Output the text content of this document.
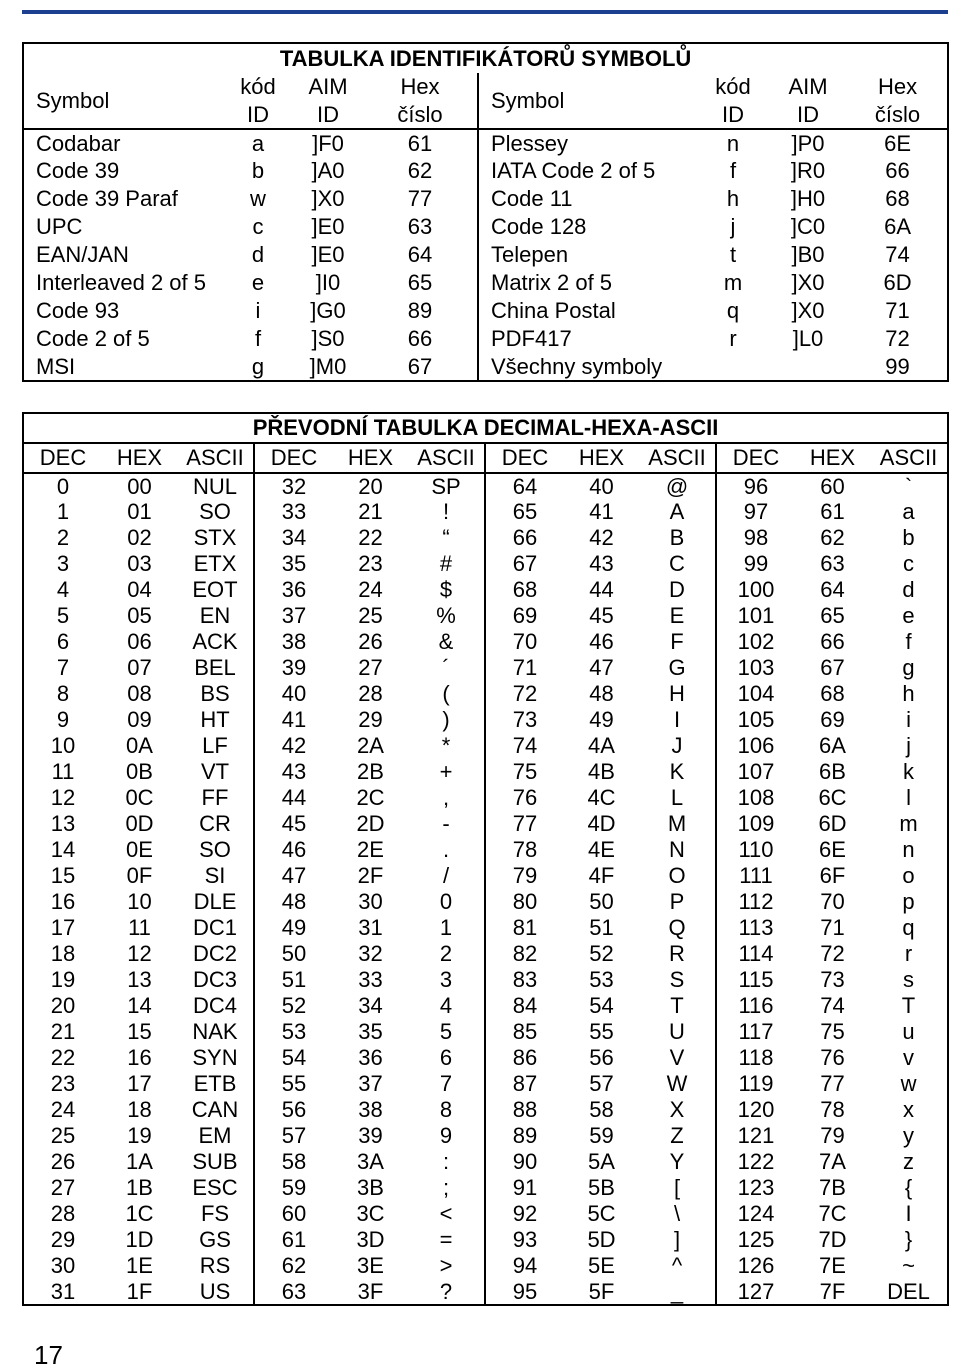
TABULKA IDENTIFIKÁTORŮ SYMBOLŮ							
Symbol	kód	AIM	Hex	Symbol	kód	AIM	Hex
	ID	ID	číslo		ID	ID	číslo
Codabar	a	]F0	61	Plessey	n	]P0	6E
Code 39	b	]A0	62	IATA Code 2 of 5	f	]R0	66
Code 39 Paraf	w	]X0	77	Code 11	h	]H0	68
UPC	c	]E0	63	Code 128	j	]C0	6A
EAN/JAN	d	]E0	64	Telepen	t	]B0	74
Interleaved 2 of 5	e	]I0	65	Matrix 2 of 5	m	]X0	6D
Code 93	i	]G0	89	China Postal	q	]X0	71
Code 2 of 5	f	]S0	66	PDF417	r	]L0	72
MSI	g	]M0	67	Všechny symboly			99
PŘEVODNÍ TABULKA DECIMAL-HEXA-ASCII											
DEC	HEX	ASCII	DEC	HEX	ASCII	DEC	HEX	ASCII	DEC	HEX	ASCII
0	00	NUL	32	20	SP	64	40	@	96	60	`
1	01	SO	33	21	!	65	41	A	97	61	a
2	02	STX	34	22	“	66	42	B	98	62	b
3	03	ETX	35	23	#	67	43	C	99	63	c
4	04	EOT	36	24	$	68	44	D	100	64	d
5	05	EN	37	25	%	69	45	E	101	65	e
6	06	ACK	38	26	&	70	46	F	102	66	f
7	07	BEL	39	27	´	71	47	G	103	67	g
8	08	BS	40	28	(	72	48	H	104	68	h
9	09	HT	41	29	)	73	49	I	105	69	i
10	0A	LF	42	2A	*	74	4A	J	106	6A	j
11	0B	VT	43	2B	+	75	4B	K	107	6B	k
12	0C	FF	44	2C	,	76	4C	L	108	6C	l
13	0D	CR	45	2D	-	77	4D	M	109	6D	m
14	0E	SO	46	2E	.	78	4E	N	110	6E	n
15	0F	SI	47	2F	/	79	4F	O	111	6F	o
16	10	DLE	48	30	0	80	50	P	112	70	p
17	11	DC1	49	31	1	81	51	Q	113	71	q
18	12	DC2	50	32	2	82	52	R	114	72	r
19	13	DC3	51	33	3	83	53	S	115	73	s
20	14	DC4	52	34	4	84	54	T	116	74	T
21	15	NAK	53	35	5	85	55	U	117	75	u
22	16	SYN	54	36	6	86	56	V	118	76	v
23	17	ETB	55	37	7	87	57	W	119	77	w
24	18	CAN	56	38	8	88	58	X	120	78	x
25	19	EM	57	39	9	89	59	Z	121	79	y
26	1A	SUB	58	3A	:	90	5A	Y	122	7A	z
27	1B	ESC	59	3B	;	91	5B	[	123	7B	{
28	1C	FS	60	3C	<	92	5C	\	124	7C	I
29	1D	GS	61	3D	=	93	5D	]	125	7D	}
30	1E	RS	62	3E	>	94	5E	^	126	7E	~
31	1F	US	63	3F	?	95	5F	_	127	7F	DEL
17
